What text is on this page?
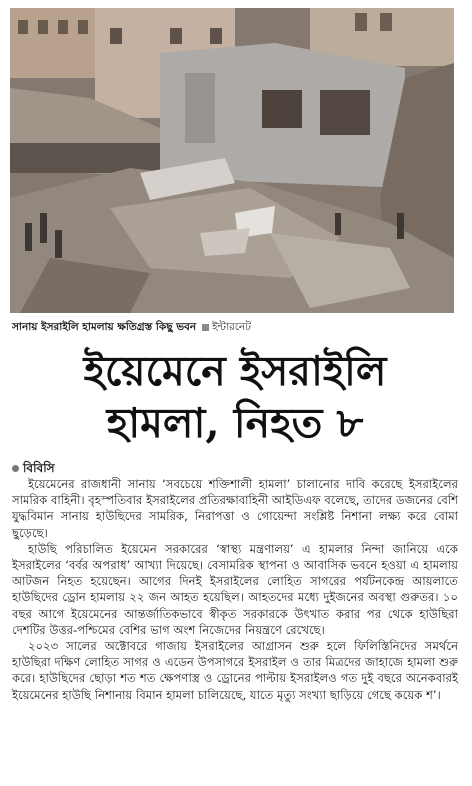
সানায় ইসরাইলি হামলায় ক্ষতিগ্রস্ত কিছু ভবন ইন্টারনেট
ইয়েমেনে ইসরাইলি
হামলা, নিহত ৮
বিবিসি

ইয়েমেনের রাজধানী সানায় ‘সবচেয়ে শক্তিশালী হামলা’ চালানোর দাবি করেছে ইসরাইলের সামরিক বাহিনী। বৃহস্পতিবার ইসরাইলের প্রতিরক্ষাবাহিনী আইডিএফ বলেছে, তাদের ডজনের বেশি যুদ্ধবিমান সানায় হাউছিদের সামরিক, নিরাপত্তা ও গোয়েন্দা সংশ্লিষ্ট নিশানা লক্ষ্য করে বোমা ছুড়েছে।

হাউছি পরিচালিত ইয়েমেন সরকারের ‘স্বাস্থ্য মন্ত্রণালয়’ এ হামলার নিন্দা জানিয়ে একে ইসরাইলের ‘বর্বর অপরাধ’ আখ্যা দিয়েছে। বেসামরিক স্থাপনা ও আবাসিক ভবনে হওয়া এ হামলায় আটজন নিহত হয়েছেন। আগের দিনই ইসরাইলের লোহিত সাগরের পর্যটনকেন্দ্র আয়লাতে হাউছিদের ড্রোন হামলায় ২২ জন আহত হয়েছিল। আহতদের মধ্যে দুইজনের অবস্থা গুরুতর। ১০ বছর আগে ইয়েমেনের আন্তর্জাতিকভাবে স্বীকৃত সরকারকে উৎখাত করার পর থেকে হাউছিরা দেশটির উত্তর-পশ্চিমের বেশির ভাগ অংশ নিজেদের নিয়ন্ত্রণে রেখেছে।

২০২৩ সালের অক্টোবরে গাজায় ইসরাইলের আগ্রাসন শুরু হলে ফিলিস্তিনিদের সমর্থনে হাউছিরা দক্ষিণ লোহিত সাগর ও এডেন উপসাগরে ইসরাইল ও তার মিত্রদের জাহাজে হামলা শুরু করে। হাউছিদের ছোড়া শত শত ক্ষেপণাস্ত্র ও ড্রোনের পাল্টায় ইসরাইলও গত দুই বছরে অনেকবারই ইয়েমেনের হাউছি নিশানায় বিমান হামলা চালিয়েছে, যাতে মৃত্যু সংখ্যা ছাড়িয়ে গেছে কয়েক শ’।
